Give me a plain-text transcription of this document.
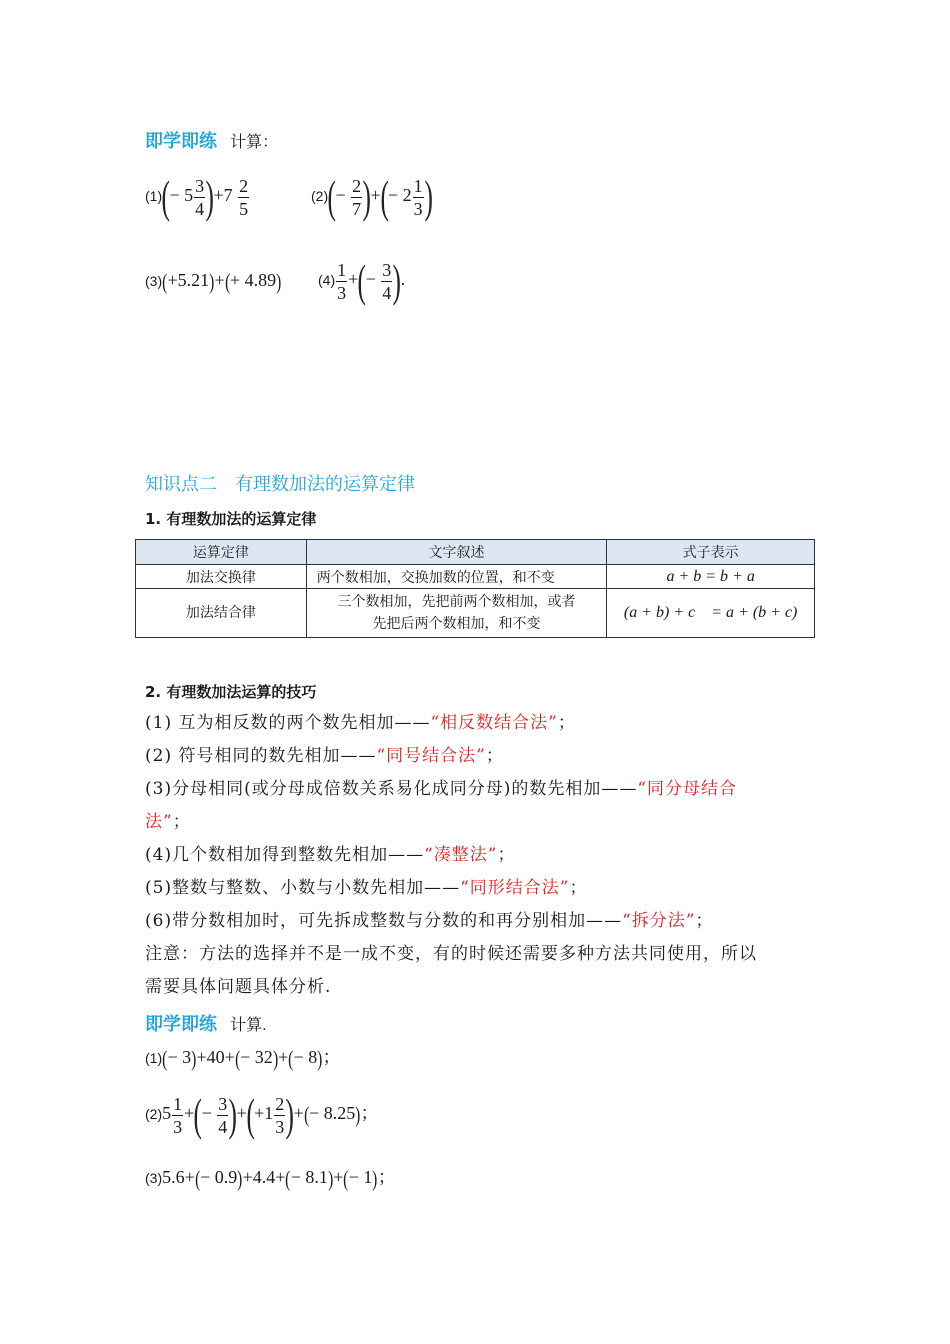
即学即练 计算：
$(1)(- 5 \frac{3}{4} )+7 \frac{2}{5}$	$(2)(- \frac{2}{7}$ )+(− $2 \frac{1}{3}$ )
(3)(+5.21)+(+ 4.89)	$(4) \frac{1}{3}$ +(− $\frac{3}{4}$ ).
知识点二　有理数加法的运算定律
1. 有理数加法的运算定律
运算定律	文字叙述	式子表示
加法交换律	两个数相加，交换加数的位置，和不变	a + b = b + a
加法结合律	三个数相加，先把前两个数相加，或者
先把后两个数相加，和不变	(a + b) + c　= a + (b + c)
2. 有理数加法运算的技巧
(1) 互为相反数的两个数先相加——“相反数结合法”；
(2) 符号相同的数先相加——“同号结合法”；
(3)分母相同(或分母成倍数关系易化成同分母)的数先相加——“同分母结合
法”；
(4)几个数相加得到整数先相加——“凑整法”；
(5)整数与整数、小数与小数先相加——“同形结合法”；
(6)带分数相加时，可先拆成整数与分数的和再分别相加——“拆分法”；
注意：方法的选择并不是一成不变，有的时候还需要多种方法共同使用，所以
需要具体问题具体分析.
即学即练 计算.
(1)(− 3)+40+(− 32)+(− 8)；
$(2)5 \frac{1}{3}$ +(− $\frac{3}{4} )+(+1 \frac{2}{3}$ )+(− 8.25)；
(3)5.6+(− 0.9)+4.4+(− 8.1)+(− 1)；
